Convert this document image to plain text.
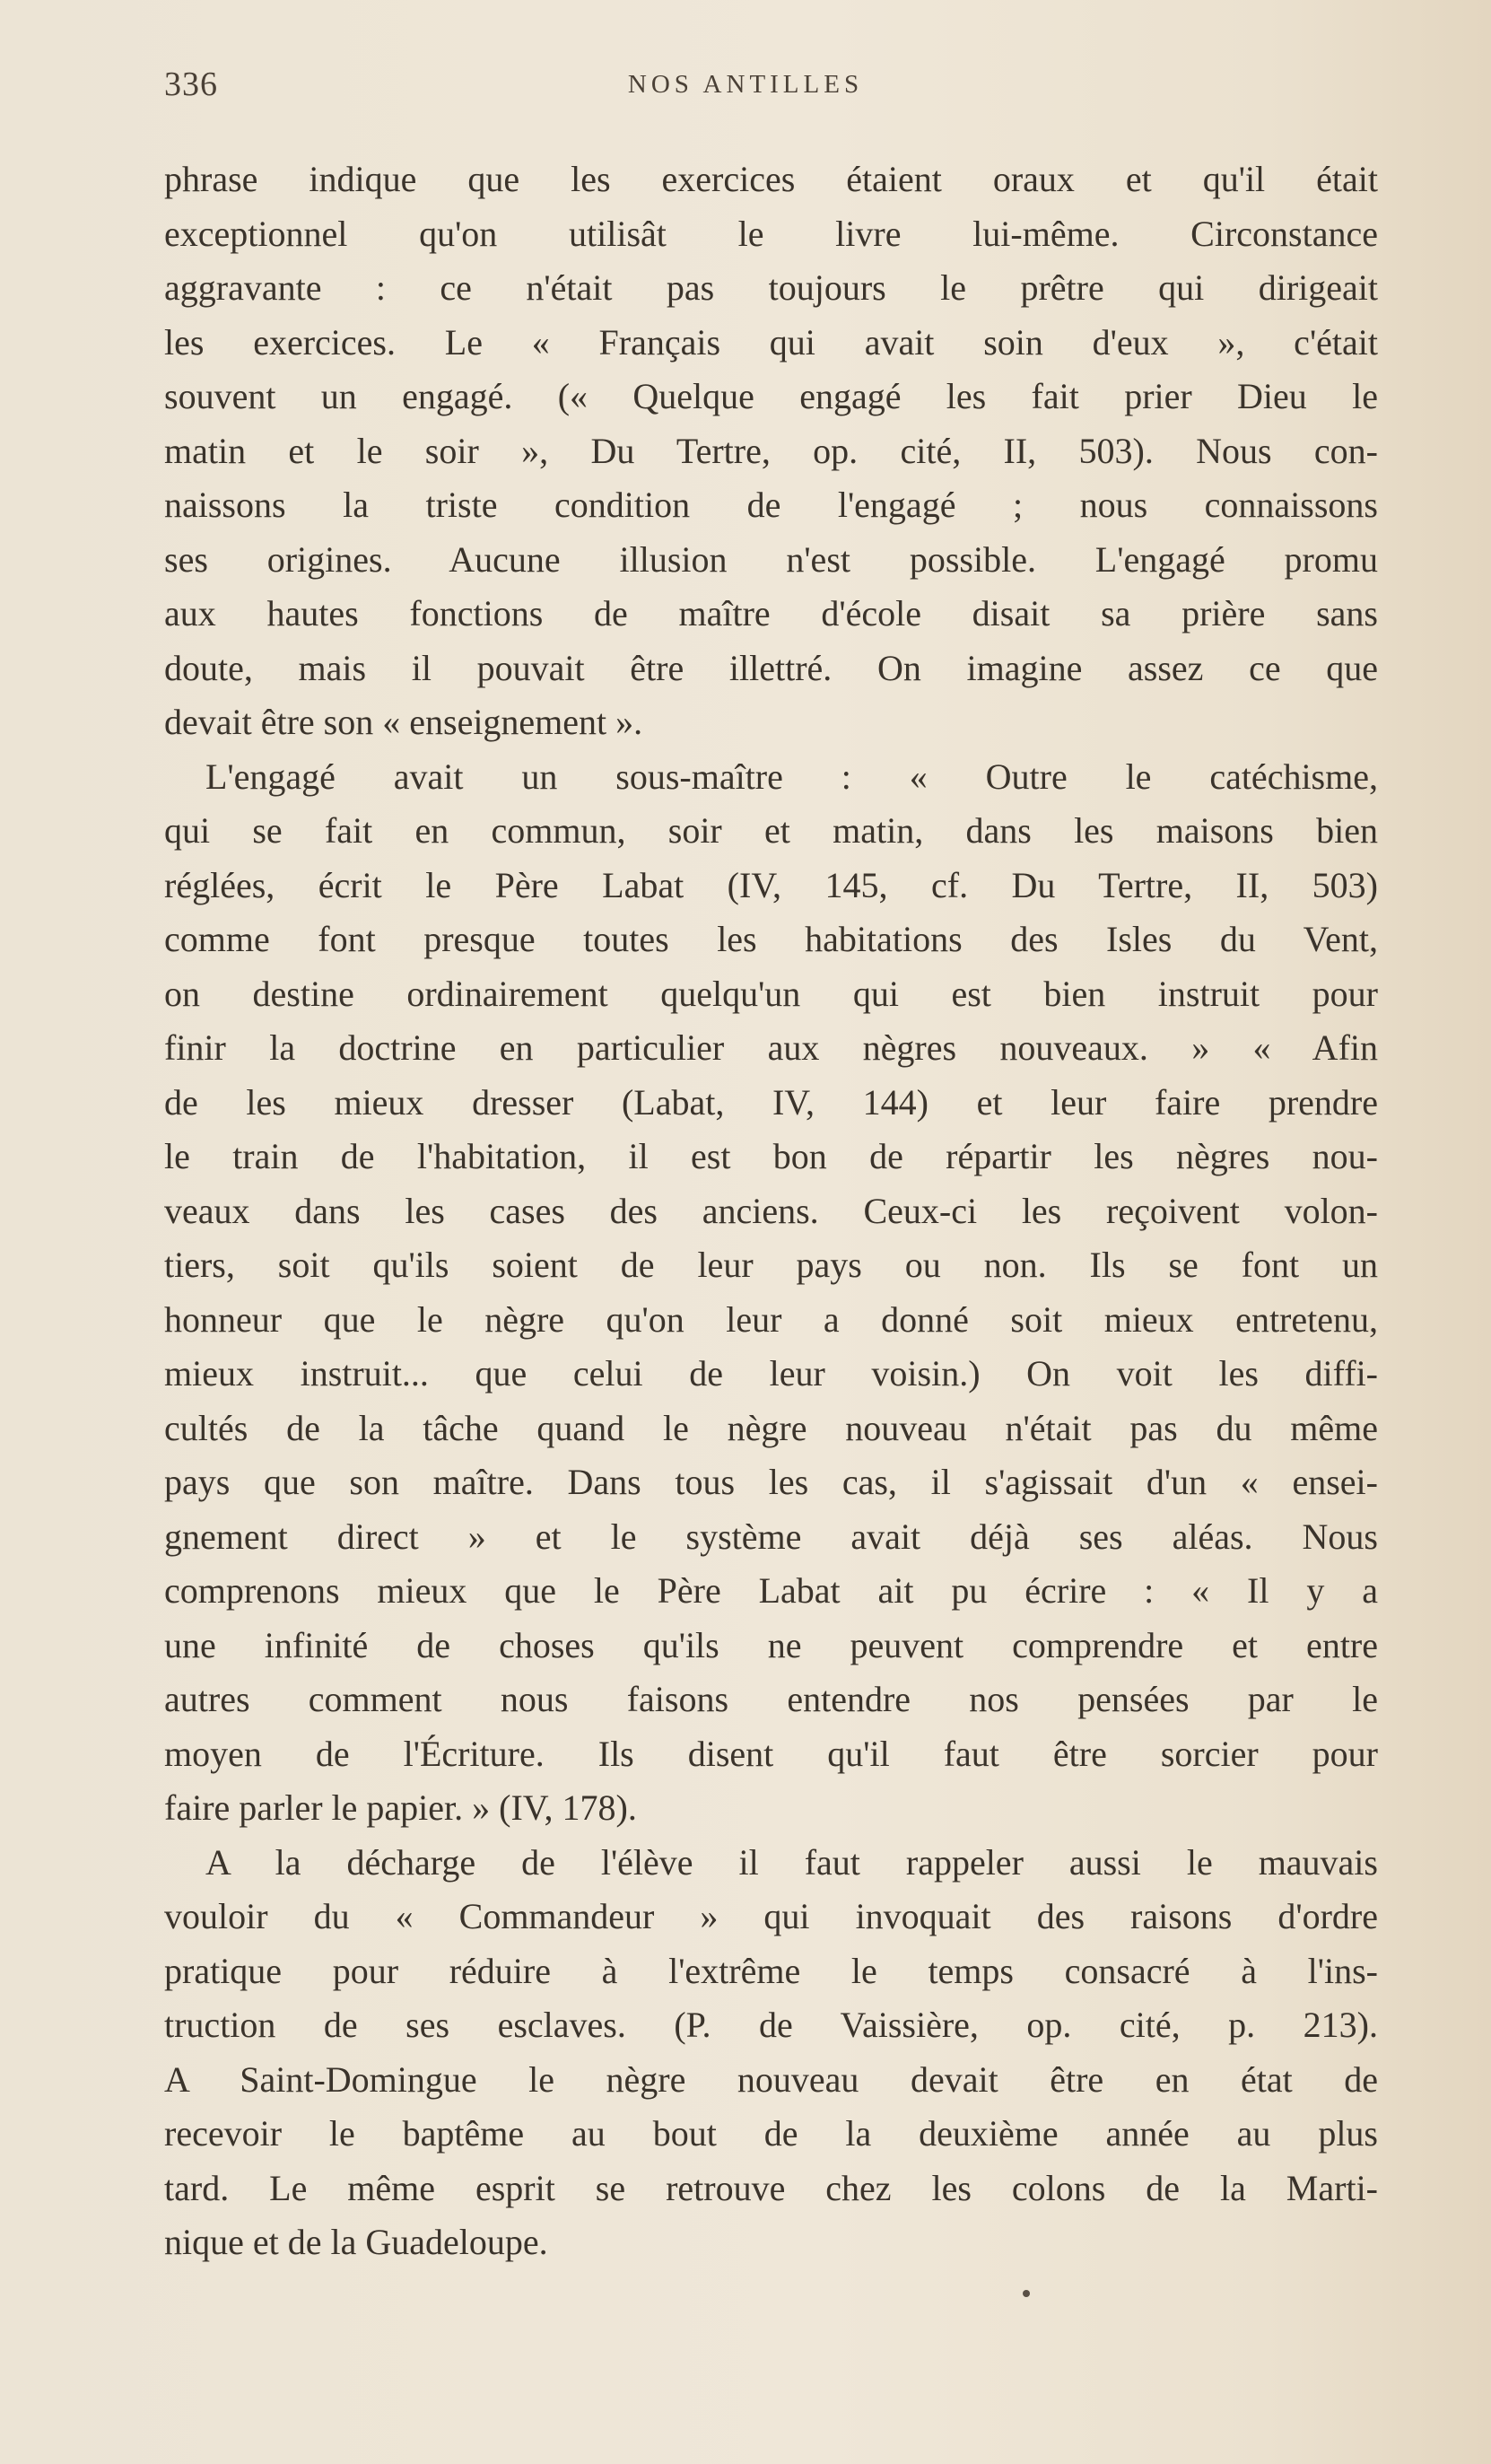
336	NOS ANTILLES
phrase indique que les exercices étaient oraux et qu'il était
exceptionnel qu'on utilisât le livre lui-même. Circonstance
aggravante : ce n'était pas toujours le prêtre qui dirigeait
les exercices. Le « Français qui avait soin d'eux », c'était
souvent un engagé. (« Quelque engagé les fait prier Dieu le
matin et le soir », Du Tertre, op. cité, II, 503). Nous con-
naissons la triste condition de l'engagé ; nous connaissons
ses origines. Aucune illusion n'est possible. L'engagé promu
aux hautes fonctions de maître d'école disait sa prière sans
doute, mais il pouvait être illettré. On imagine assez ce que
devait être son « enseignement ».
L'engagé avait un sous-maître : « Outre le catéchisme,
qui se fait en commun, soir et matin, dans les maisons bien
réglées, écrit le Père Labat (IV, 145, cf. Du Tertre, II, 503)
comme font presque toutes les habitations des Isles du Vent,
on destine ordinairement quelqu'un qui est bien instruit pour
finir la doctrine en particulier aux nègres nouveaux. » « Afin
de les mieux dresser (Labat, IV, 144) et leur faire prendre
le train de l'habitation, il est bon de répartir les nègres nou-
veaux dans les cases des anciens. Ceux-ci les reçoivent volon-
tiers, soit qu'ils soient de leur pays ou non. Ils se font un
honneur que le nègre qu'on leur a donné soit mieux entretenu,
mieux instruit... que celui de leur voisin.) On voit les diffi-
cultés de la tâche quand le nègre nouveau n'était pas du même
pays que son maître. Dans tous les cas, il s'agissait d'un « ensei-
gnement direct » et le système avait déjà ses aléas. Nous
comprenons mieux que le Père Labat ait pu écrire : « Il y a
une infinité de choses qu'ils ne peuvent comprendre et entre
autres comment nous faisons entendre nos pensées par le
moyen de l'Écriture. Ils disent qu'il faut être sorcier pour
faire parler le papier. » (IV, 178).
A la décharge de l'élève il faut rappeler aussi le mauvais
vouloir du « Commandeur » qui invoquait des raisons d'ordre
pratique pour réduire à l'extrême le temps consacré à l'ins-
truction de ses esclaves. (P. de Vaissière, op. cité, p. 213).
A Saint-Domingue le nègre nouveau devait être en état de
recevoir le baptême au bout de la deuxième année au plus
tard. Le même esprit se retrouve chez les colons de la Marti-
nique et de la Guadeloupe.
